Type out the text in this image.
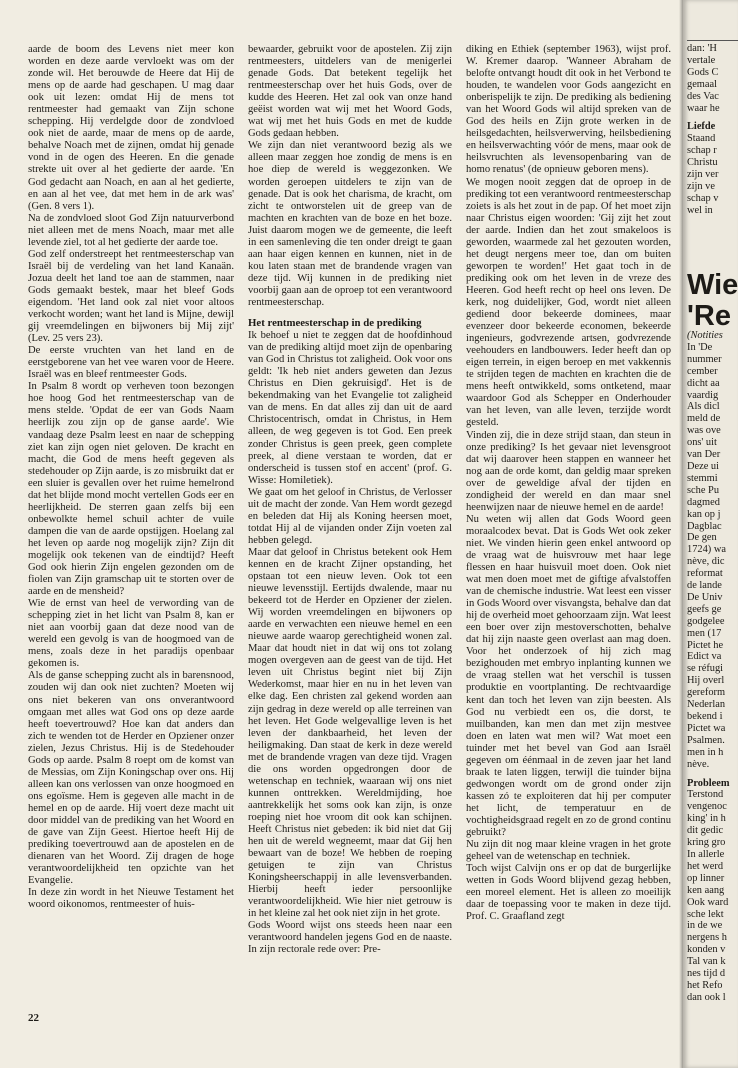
aarde de boom des Levens niet meer kon worden en deze aarde vervloekt was om der zonde wil. Het berouwde de Heere dat Hij de mens op de aarde had geschapen. U mag daar ook uit lezen: omdat Hij de mens tot rentmeester had gemaakt van Zijn schone schepping. Hij verdelgde door de zondvloed ook niet de aarde, maar de mens op de aarde, behalve Noach met de zijnen, omdat hij genade vond in de ogen des Heeren. En die genade strekte uit over al het gedierte der aarde. 'En God gedacht aan Noach, en aan al het gedierte, en aan al het vee, dat met hem in de ark was' (Gen. 8 vers 1).

Na de zondvloed sloot God Zijn natuurverbond niet alleen met de mens Noach, maar met alle levende ziel, tot al het gedierte der aarde toe.

God zelf onderstreept het rentmeesterschap van Israël bij de verdeling van het land Kanaän. Jozua deelt het land toe aan de stammen, naar Gods gemaakt bestek, maar het bleef Gods eigendom. 'Het land ook zal niet voor altoos verkocht worden; want het land is Mijne, dewijl gij vreemdelingen en bijwoners bij Mij zijt' (Lev. 25 vers 23).

De eerste vruchten van het land en de eerstgeborene van het vee waren voor de Heere. Israël was en bleef rentmeester Gods.

In Psalm 8 wordt op verheven toon bezongen hoe hoog God het rentmeesterschap van de mens stelde. 'Opdat de eer van Gods Naam heerlijk zou zijn op de ganse aarde'. Wie vandaag deze Psalm leest en naar de schepping ziet kan zijn ogen niet geloven. De kracht en macht, die God de mens heeft gegeven als stedehouder op Zijn aarde, is zo misbruikt dat er een sluier is gevallen over het ruime hemelrond dat het blijde mond mocht vertellen Gods eer en heerlijkheid. De sterren gaan zelfs bij een onbewolkte hemel schuil achter de vuile dampen die van de aarde opstijgen. Hoelang zal het leven op aarde nog mogelijk zijn? Zijn dit mogelijk ook tekenen van de eindtijd? Heeft God ook hierin Zijn engelen gezonden om de fiolen van Zijn gramschap uit te storten over de aarde en de mensheid?

Wie de ernst van heel de verwording van de schepping ziet in het licht van Psalm 8, kan er niet aan voorbij gaan dat deze nood van de wereld een gevolg is van de hoogmoed van de mens, zoals deze in het paradijs openbaar gekomen is.

Als de ganse schepping zucht als in barensnood, zouden wij dan ook niet zuchten? Moeten wij ons niet bekeren van ons onverantwoord omgaan met alles wat God ons op deze aarde heeft toevertrouwd? Hoe kan dat anders dan zich te wenden tot de Herder en Opziener onzer zielen, Jezus Christus. Hij is de Stedehouder Gods op aarde. Psalm 8 roept om de komst van de Messias, om Zijn Koningschap over ons. Hij alleen kan ons verlossen van onze hoogmoed en ons egoïsme. Hem is gegeven alle macht in de hemel en op de aarde. Hij voert deze macht uit door middel van de prediking van het Woord en de gave van Zijn Geest. Hiertoe heeft Hij de prediking toevertrouwd aan de apostelen en de dienaren van het Woord. Zij dragen de hoge verantwoordelijkheid ten opzichte van het Evangelie.

In deze zin wordt in het Nieuwe Testament het woord oikonomos, rentmeester of huis-

bewaarder, gebruikt voor de apostelen. Zij zijn rentmeesters, uitdelers van de menigerlei genade Gods. Dat betekent tegelijk het rentmeesterschap over het huis Gods, over de kudde des Heeren. Het zal ook van onze hand geëist worden wat wij met het Woord Gods, wat wij met het huis Gods en met de kudde Gods gedaan hebben.

We zijn dan niet verantwoord bezig als we alleen maar zeggen hoe zondig de mens is en hoe diep de wereld is weggezonken. We worden geroepen uitdelers te zijn van de genade. Dat is ook het charisma, de kracht, om zicht te ontworstelen uit de greep van de machten en krachten van de boze en het boze. Juist daarom mogen we de gemeente, die leeft in een samenleving die ten onder dreigt te gaan aan haar eigen kennen en kunnen, niet in de kou laten staan met de brandende vragen van deze tijd. Wij kunnen in de prediking niet voorbij gaan aan de oproep tot een verantwoord rentmeesterschap.

Het rentmeesterschap in de prediking

Ik behoef u niet te zeggen dat de hoofdinhoud van de prediking altijd moet zijn de openbaring van God in Christus tot zaligheid. Ook voor ons geldt: 'Ik heb niet anders geweten dan Jezus Christus en Dien gekruisigd'. Het is de bekendmaking van het Evangelie tot zaligheid van de mens. En dat alles zij dan uit de aard Christocentrisch, omdat in Christus, in Hem alleen, de weg gegeven is tot God. Een preek zonder Christus is geen preek, geen complete preek, al diene verstaan te worden, dat er onderscheid is tussen stof en accent' (prof. G. Wisse: Homiletiek).

We gaat om het geloof in Christus, de Verlosser uit de macht der zonde. Van Hem wordt gezegd en beleden dat Hij als Koning heersen moet, totdat Hij al de vijanden onder Zijn voeten zal hebben gelegd.

Maar dat geloof in Christus betekent ook Hem kennen en de kracht Zijner opstanding, het opstaan tot een nieuw leven. Ook tot een nieuwe levensstijl. Eertijds dwalende, maar nu bekeerd tot de Herder en Opziener der zielen. Wij worden vreemdelingen en bijwoners op aarde en verwachten een nieuwe hemel en een nieuwe aarde waarop gerechtigheid wonen zal. Maar dat houdt niet in dat wij ons tot zolang mogen overgeven aan de geest van de tijd. Het leven uit Christus begint niet bij Zijn Wederkomst, maar hier en nu in het leven van elke dag. Een christen zal gekend worden aan zijn gedrag in deze wereld op alle terreinen van het leven. Het Gode welgevallige leven is het leven der dankbaarheid, het leven der heiligmaking. Dan staat de kerk in deze wereld met de brandende vragen van deze tijd. Vragen die ons worden opgedrongen door de wetenschap en techniek, waaraan wij ons niet kunnen onttrekken. Wereldmijding, hoe aantrekkelijk het soms ook kan zijn, is onze roeping niet hoe vroom dit ook kan schijnen. Heeft Christus niet gebeden: ik bid niet dat Gij hen uit de wereld wegneemt, maar dat Gij hen bewaart van de boze! We hebben de roeping getuigen te zijn van Christus Koningsheerschappij in alle levensverbanden. Hierbij heeft ieder persoonlijke verantwoordelijkheid. Wie hier niet getrouw is in het kleine zal het ook niet zijn in het grote.

Gods Woord wijst ons steeds heen naar een verantwoord handelen jegens God en de naaste. In zijn rectorale rede over: Pre-

diking en Ethiek (september 1963), wijst prof. W. Kremer daarop. 'Wanneer Abraham de belofte ontvangt houdt dit ook in het Verbond te houden, te wandelen voor Gods aangezicht en onberispelijk te zijn. De prediking als bediening van het Woord Gods wil altijd spreken van de God des heils en Zijn grote werken in de heilsgedachten, heilsverwerving, heilsbediening en heilsverwachting vóór de mens, maar ook de heilsvruchten als levensopenbaring van de homo renatus' (de opnieuw geboren mens).

We mogen nooit zeggen dat de oproep in de prediking tot een verantwoord rentmeesterschap zoiets is als het zout in de pap. Of het moet zijn naar Christus eigen woorden: 'Gij zijt het zout der aarde. Indien dan het zout smakeloos is geworden, waarmede zal het gezouten worden, het deugt nergens meer toe, dan om buiten geworpen te worden!' Het gaat toch in de prediking ook om het leven in de vreze des Heeren. God heeft recht op heel ons leven. De kerk, nog duidelijker, God, wordt niet alleen gediend door bekeerde dominees, maar evenzeer door bekeerde economen, bekeerde ingenieurs, godvrezende artsen, godvrezende veehouders en landbouwers. Ieder heeft dan op eigen terrein, in eigen beroep en met vakkennis te strijden tegen de machten en krachten die de mens heeft ontwikkeld, soms ontketend, maar waardoor God als Schepper en Onderhouder van het leven, van alle leven, terzijde wordt gesteld.

Vinden zij, die in deze strijd staan, dan steun in onze prediking? Is het gevaar niet levensgroot dat wij daarover heen stappen en wanneer het nog aan de orde komt, dan geldig maar spreken over de geweldige afval der tijden en zondigheid der wereld en dan maar snel heenwijzen naar de nieuwe hemel en de aarde!

Nu weten wij allen dat Gods Woord geen moraalcodex bevat. Dat is Gods Wet ook zeker niet. We vinden hierin geen enkel antwoord op de vraag wat de huisvrouw met haar lege flessen en haar huisvuil moet doen. Ook niet wat men doen moet met de giftige afvalstoffen van de chemische industrie. Wat leest een visser in Gods Woord over visvangsta, behalve dan dat hij de overheid moet gehoorzaam zijn. Wat leest een boer over zijn mestoverschotten, behalve dat hij zijn naaste geen overlast aan mag doen. Voor het onderzoek of hij zich mag bezighouden met embryo inplanting kunnen we de vraag stellen wat het verschil is tussen produktie en voortplanting. De rechtvaardige kent dan toch het leven van zijn beesten. Als God nu verbiedt een os, die dorst, te muilbanden, kan men dan met zijn mestvee doen en laten wat men wil? Wat moet een tuinder met het bevel van God aan Israël gegeven om éénmaal in de zeven jaar het land braak te laten liggen, terwijl die tuinder bijna gedwongen wordt om de grond onder zijn kassen zó te exploiteren dat hij per computer het licht, de temperatuur en de vochtigheidsgraad regelt en zo de grond continu gebruikt?

Nu zijn dit nog maar kleine vragen in het grote geheel van de wetenschap en techniek.

Toch wijst Calvijn ons er op dat de burgerlijke wetten in Gods Woord blijvend gezag hebben, een moreel element. Het is alleen zo moeilijk daar de toepassing voor te maken in deze tijd. Prof. C. Graafland zegt

22

dan: 'H

vertale

Gods C

gemaal

des Vac

waar he

Liefde

Staand

schap r

Christu

zijn ver

zijn ve

schap v

wel in

Wie
'Re
(Notities
In 'De
nummer
cember
dicht aa
vaardig
Als dicl
meld de
was ove
ons' uit
van Der
Deze ui
stemmi
sche Pu
dagmed
kan op j
Dagblac
De gen
1724) wa
nève, dic
reformat
de lande
De Univ
geefs ge
godgelee
men (17
Pictet he
Edict va
se réfugi
Hij overl
gereform
Nederlan
bekend i
Pictet wa
Psalmen.
men in h
nève.
Probleem
Terstond
vengenoc
king' in h
dit gedic
kring gro
In allerle
het werd
op linner
ken aang
Ook ward
sche lekt
in de we
nergens h
konden v
Tal van k
nes tijd d
het Refo
dan ook l
